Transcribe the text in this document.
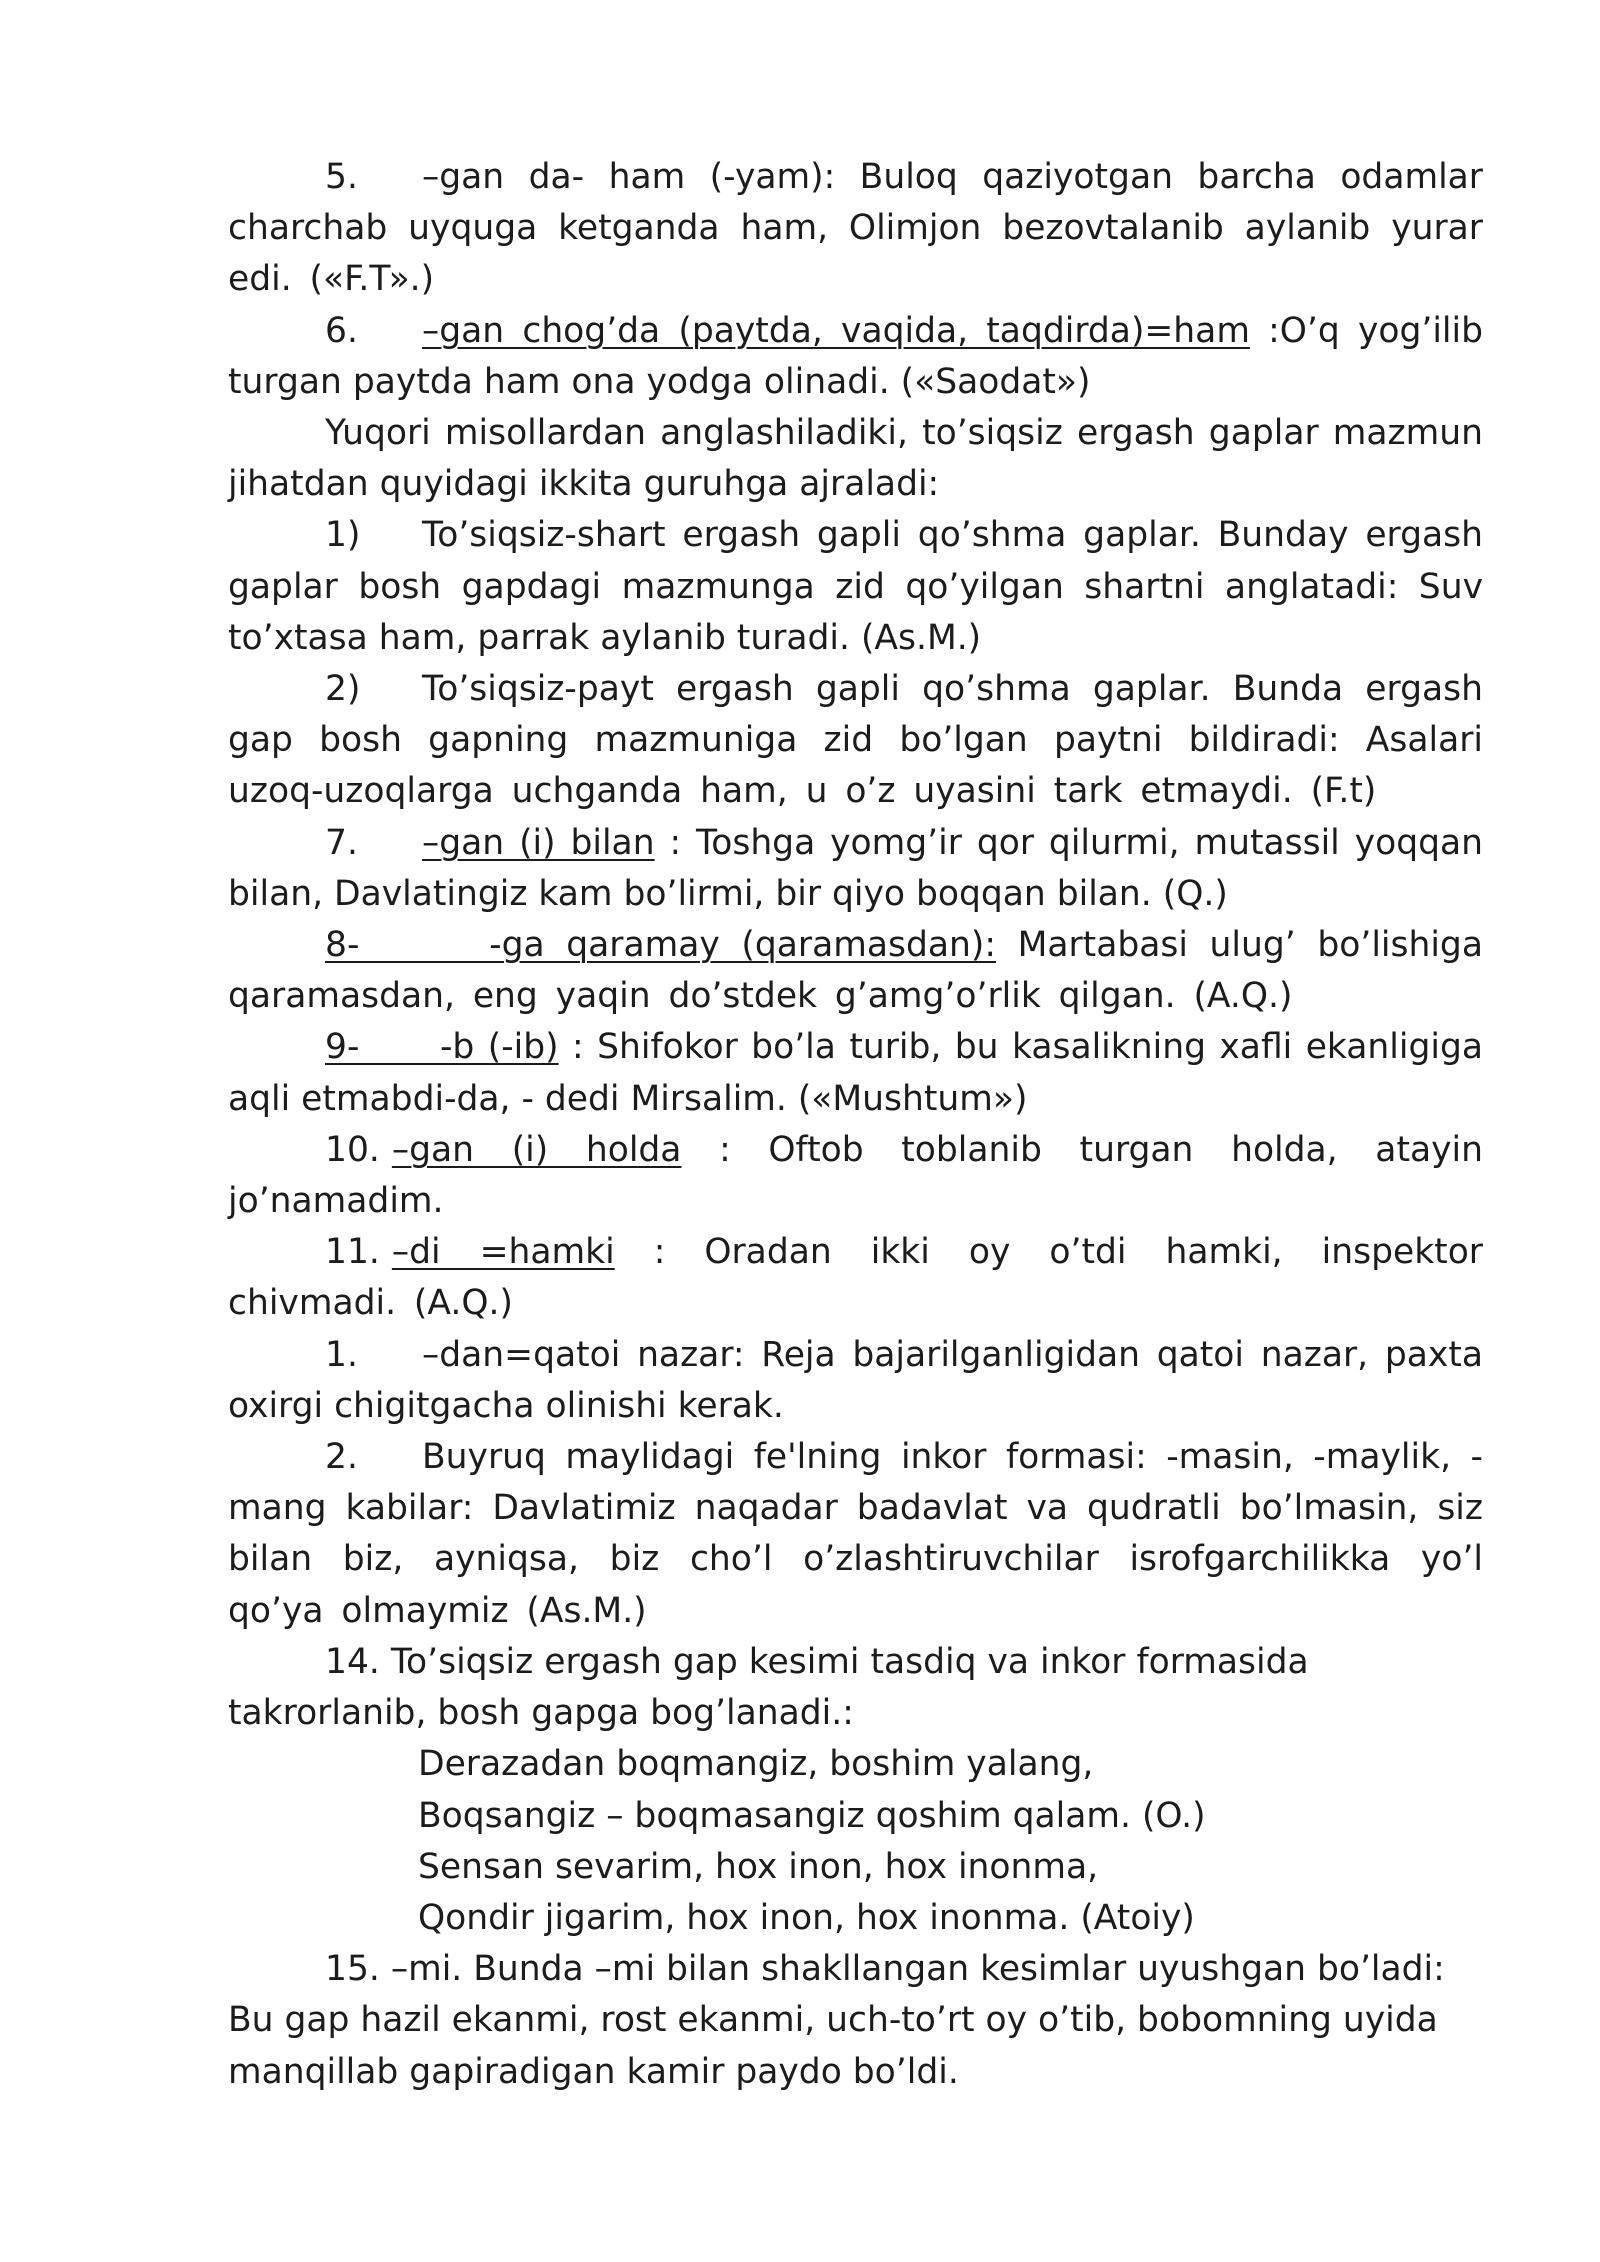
5. –gan da- ham (-yam): Buloq qaziyotgan barcha odamlar charchab uyquga ketganda ham, Olimjon bezovtalanib aylanib yurar edi. («F.T».)

6. –gan chog’da (paytda, vaqida, taqdirda)=ham :O’q yog’ilib turgan paytda ham ona yodga olinadi. («Saodat»)

Yuqori misollardan anglashiladiki, to’siqsiz ergash gaplar mazmun jihatdan quyidagi ikkita guruhga ajraladi:

1) To’siqsiz-shart ergash gapli qo’shma gaplar. Bunday ergash gaplar bosh gapdagi mazmunga zid qo’yilgan shartni anglatadi: Suv to’xtasa ham, parrak aylanib turadi. (As.M.)

2) To’siqsiz-payt ergash gapli qo’shma gaplar. Bunda ergash gap bosh gapning mazmuniga zid bo’lgan paytni bildiradi: Asalari uzoq-uzoqlarga uchganda ham, u o’z uyasini tark etmaydi. (F.t)

7. –gan (i) bilan : Toshga yomg’ir qor qilurmi, mutassil yoqqan bilan, Davlatingiz kam bo’lirmi, bir qiyo boqqan bilan. (Q.)

8-      -ga qaramay (qaramasdan): Martabasi ulug’ bo’lishiga qaramasdan, eng yaqin do’stdek g’amg’o’rlik qilgan. (A.Q.)

9-      -b (-ib) : Shifokor bo’la turib, bu kasalikning xafli ekanligiga aqli etmabdi-da, - dedi Mirsalim. («Mushtum»)

10. –gan (i) holda : Oftob toblanib turgan holda, atayin jo’namadim.

11. –di =hamki : Oradan ikki oy o’tdi hamki, inspektor chivmadi. (A.Q.)

1. –dan=qatoi nazar: Reja bajarilganligidan qatoi nazar, paxta oxirgi chigitgacha olinishi kerak.

2. Buyruq maylidagi fe'lning inkor formasi: -masin, -maylik, -mang kabilar: Davlatimiz naqadar badavlat va qudratli bo’lmasin, siz bilan biz, ayniqsa, biz cho’l o’zlashtiruvchilar isrofgarchilikka yo’l qo’ya olmaymiz (As.M.)

14. To’siqsiz ergash gap kesimi tasdiq va inkor formasida takrorlanib, bosh gapga bog’lanadi.:

Derazadan boqmangiz, boshim yalang,
Boqsangiz – boqmasangiz qoshim qalam. (O.)
Sensan sevarim, hox inon, hox inonma,
Qondir jigarim, hox inon, hox inonma. (Atoiy)

15. –mi. Bunda –mi bilan shakllangan kesimlar uyushgan bo’ladi: Bu gap hazil ekanmi, rost ekanmi, uch-to’rt oy o’tib, bobomning uyida manqillab gapiradigan kamir paydo bo’ldi.
